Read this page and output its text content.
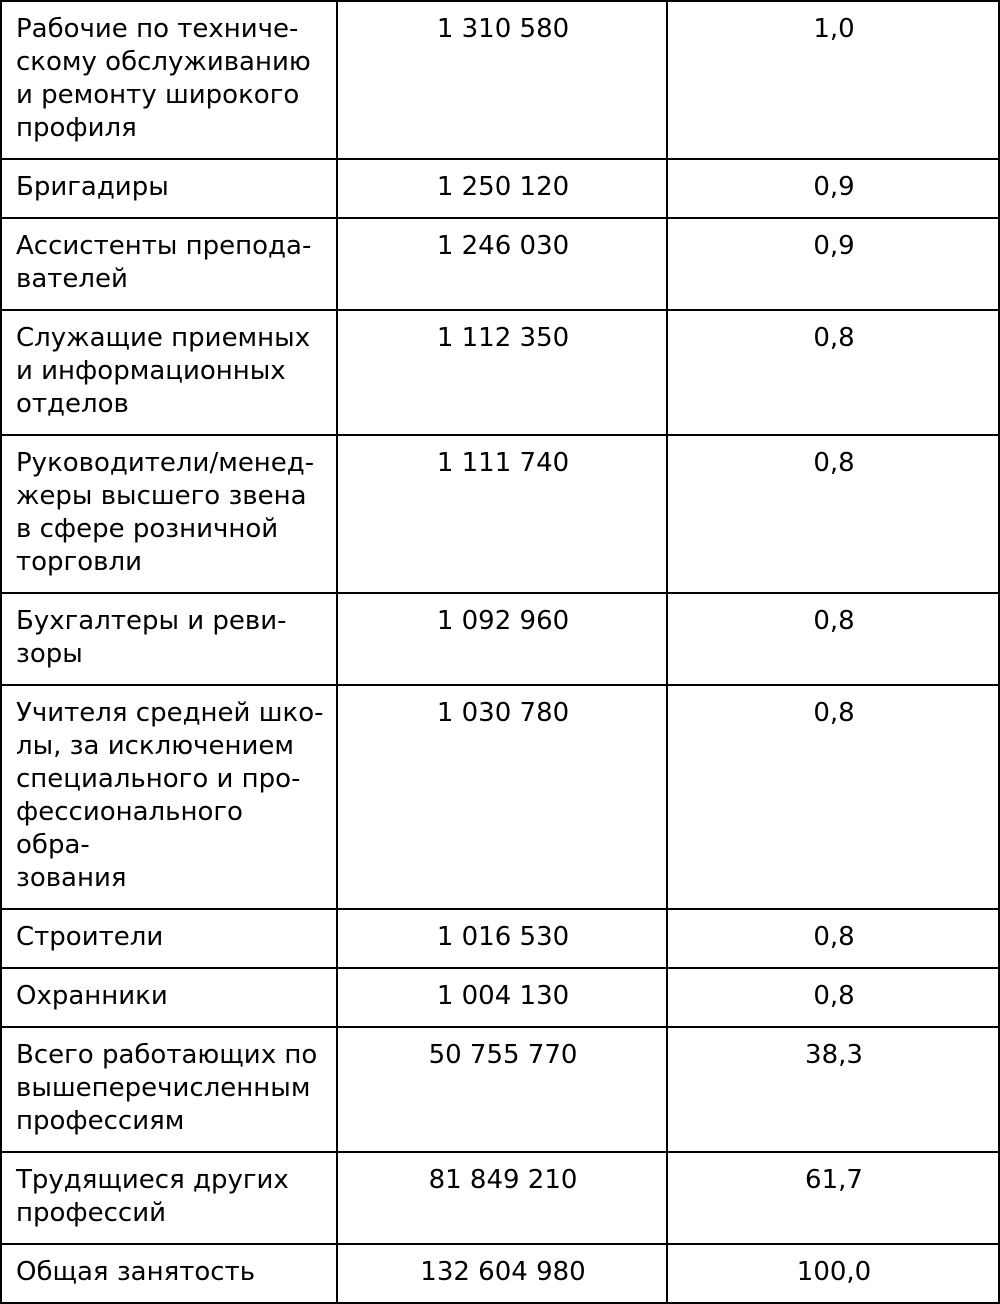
Рабочие по техниче-
скому обслуживанию
и ремонту широкого
профиля	1 310 580	1,0
Бригадиры	1 250 120	0,9
Ассистенты препода-
вателей	1 246 030	0,9
Служащие приемных
и информационных
отделов	1 112 350	0,8
Руководители/менед-
жеры высшего звена
в сфере розничной
торговли	1 111 740	0,8
Бухгалтеры и реви-
зоры	1 092 960	0,8
Учителя средней шко-
лы, за исключением
специального и про-
фессионального обра-
зования	1 030 780	0,8
Строители	1 016 530	0,8
Охранники	1 004 130	0,8
Всего работающих по
вышеперечисленным
профессиям	50 755 770	38,3
Трудящиеся других
профессий	81 849 210	61,7
Общая занятость	132 604 980	100,0
